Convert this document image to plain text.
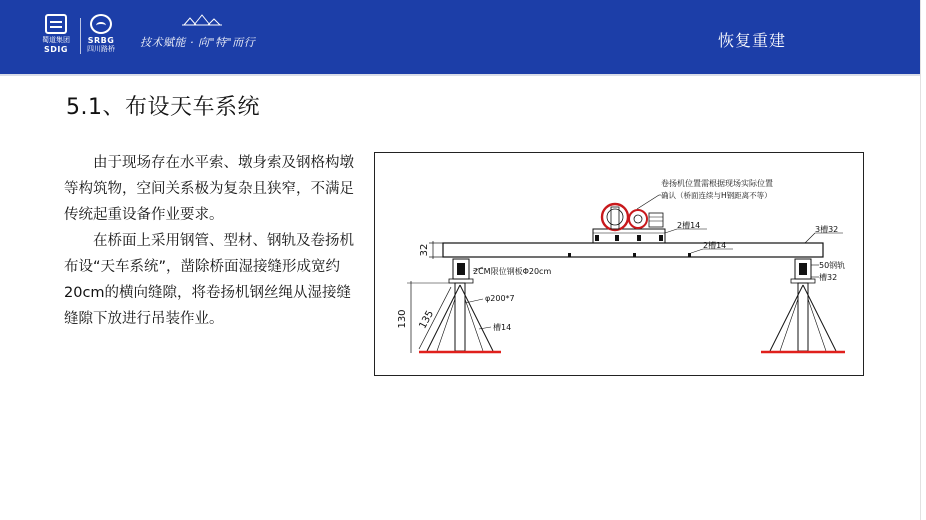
蜀道集团
SDIG
SRBG
四川路桥 技术赋能 · 向"特"而行	恢复重建
5.1、布设天车系统

由于现场存在水平索、墩身索及钢格构墩等构筑物，空间关系极为复杂且狭窄，不满足传统起重设备作业要求。

在桥面上采用钢管、型材、钢轨及卷扬机布设“天车系统”，凿除桥面湿接缝形成宽约20cm的横向缝隙，将卷扬机钢丝绳从湿接缝缝隙下放进行吊装作业。

32
卷扬机位置需根据现场实际位置
确认（桥面连续与H钢距离不等）
2槽14
2槽14
3槽32
2CM限位钢板Φ20cm
50钢轨
槽32
130 135
φ200*7
槽14
